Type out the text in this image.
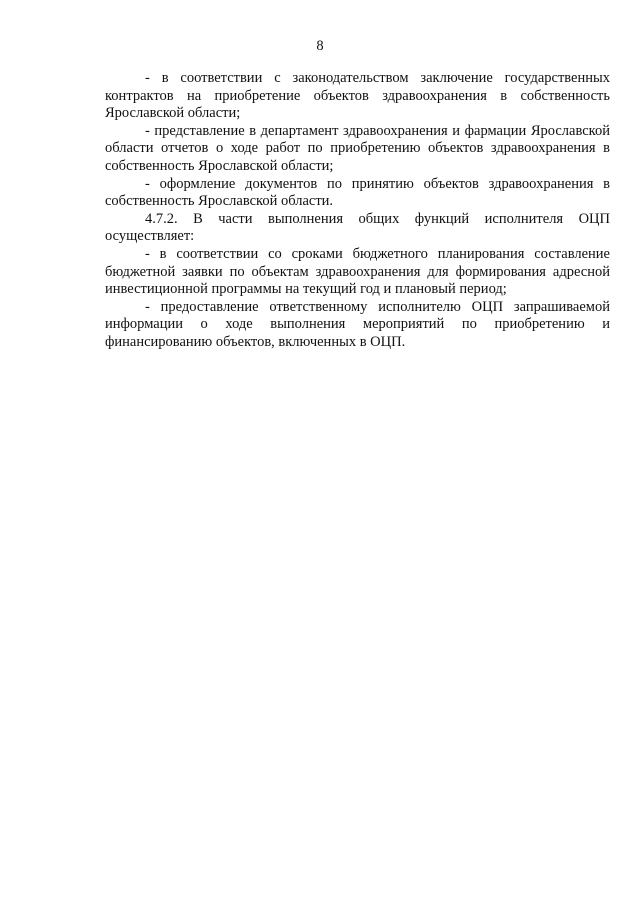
8

- в соответствии с законодательством заключение государственных контрактов на приобретение объектов здравоохранения в собственность Ярославской области;

- представление в департамент здравоохранения и фармации Ярославской области отчетов о ходе работ по приобретению объектов здравоохранения в собственность Ярославской области;

- оформление документов по принятию объектов здравоохранения в собственность Ярославской области.

4.7.2. В части выполнения общих функций исполнителя ОЦП осуществляет:

- в соответствии со сроками бюджетного планирования составление бюджетной заявки по объектам здравоохранения для формирования адресной инвестиционной программы на текущий год и плановый период;

- предоставление ответственному исполнителю ОЦП запрашиваемой информации о ходе выполнения мероприятий по приобретению и финансированию объектов, включенных в ОЦП.
